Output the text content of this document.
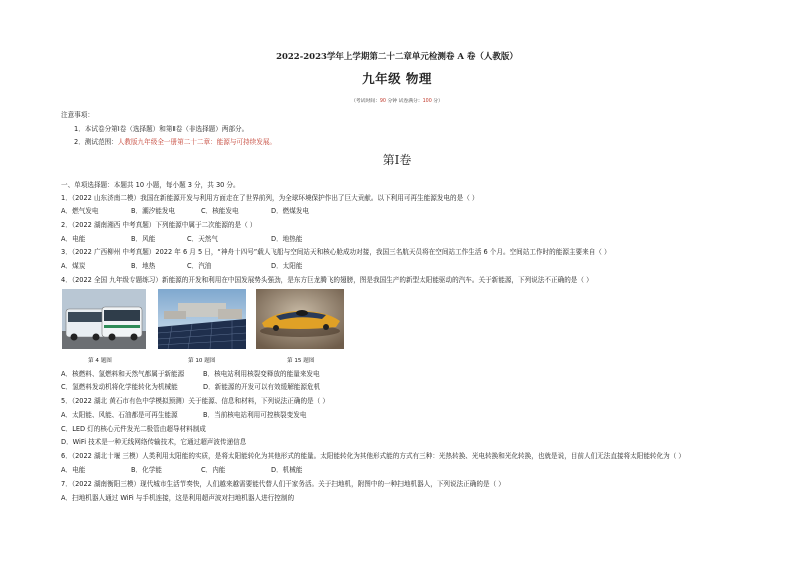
2022-2023学年上学期第二十二章单元检测卷 A 卷（人教版）
九年级 物理
（考试时间：90 分钟 试卷满分：100 分）
注意事项：
1．本试卷分第Ⅰ卷（选择题）和第Ⅱ卷（非选择题）两部分。
2．测试范围：人教版九年级全一册第二十二章：能源与可持续发展。
第Ⅰ卷
一、单项选择题：本题共 10 小题，每小题 3 分，共 30 分。
1．（2022 山东济南二模）我国在新能源开发与利用方面走在了世界前列，为全球环境保护作出了巨大贡献。以下利用可再生能源发电的是（ ）
A．燃气发电	B．潮汐能发电	C．核能发电	D．燃煤发电
2．（2022 湖南湘西 中考真题）下列能源中属于二次能源的是（ ）
A．电能	B．风能	C．天然气	D．地热能
3．（2022 广西柳州 中考真题）2022 年 6 月 5 日，“神舟十四号”载人飞船与空间站天和核心舱成功对接，我国三名航天员将在空间站工作生活 6 个月。空间站工作时的能源主要来自（ ）
A．煤炭	B．地热	C．汽油	D．太阳能
4．（2022 全国 九年级专题练习）新能源的开发和利用在中国发展势头强劲，是东方巨龙腾飞的翅膀，图是我国生产的新型太阳能驱动的汽车。关于新能源，下列说法不正确的是（ ）
第 4 题图	第 10 题图	第 15 题图
A．核燃料、氢燃料和天然气都属于新能源	B．核电站利用核裂变释放的能量来发电
C．氢燃料发动机将化学能转化为机械能	D．新能源的开发可以有效缓解能源危机
5．（2022 湖北 黄石市有色中学模拟预测）关于能源、信息和材料，下列说法正确的是（ ）
A．太阳能、风能、石油都是可再生能源	B．当前核电站利用可控核裂变发电
C．LED 灯的核心元件发光二极管由超导材料制成
D．WiFi 技术是一种无线网络传输技术，它通过超声波传递信息
6．（2022 湖北十堰 三模）人类利用太阳能的实质，是将太阳能转化为其他形式的能量。太阳能转化为其他形式能的方式有三种：光热转换、光电转换和光化转换，也就是说，目前人们无法直接将太阳能转化为（ ）
A．电能	B．化学能	C．内能	D．机械能
7．（2022 湖南衡阳三模）现代城市生活节奏快，人们越来越需要能代替人们干家务活。关于扫地机，附图中的一种扫地机器人，下列说法正确的是（ ）
A．扫地机器人通过 WiFi 与手机连接，这是利用超声波对扫地机器人进行控制的
